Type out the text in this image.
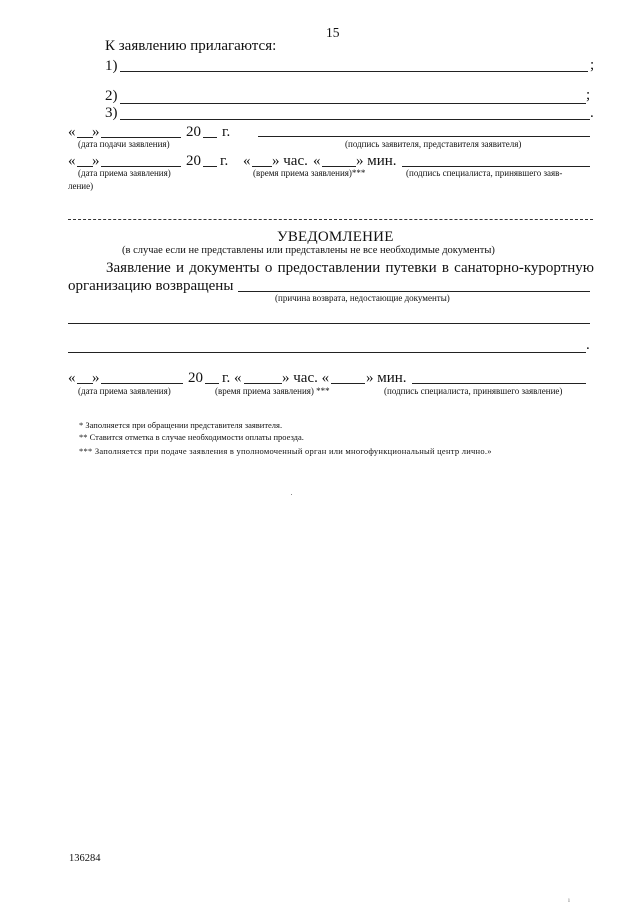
15
К заявлению прилагаются:
1)	;
2)	;
3)	.
« »	20 г.
(дата подачи заявления)	(подпись заявителя, представителя заявителя)
« »	20 г. « » час. « » мин.
(дата приема заявления)	(время приема заявления)***	(подпись специалиста, принявшего заяв-
ление)
УВЕДОМЛЕНИЕ
(в случае если не представлены или представлены не все необходимые документы)
Заявление и документы о предоставлении путевки в санаторно-курортную
организацию возвращены
(причина возврата, недостающие документы)
.
« »	20 г. «	» час. « » мин.
(дата приема заявления)	(время приема заявления) ***	(подпись специалиста, принявшего заявление)
* Заполняется при обращении представителя заявителя.
** Ставится отметка в случае необходимости оплаты проезда.
*** Заполняется при подаче заявления в уполномоченный орган или многофункциональный центр лично.»
136284
ı
